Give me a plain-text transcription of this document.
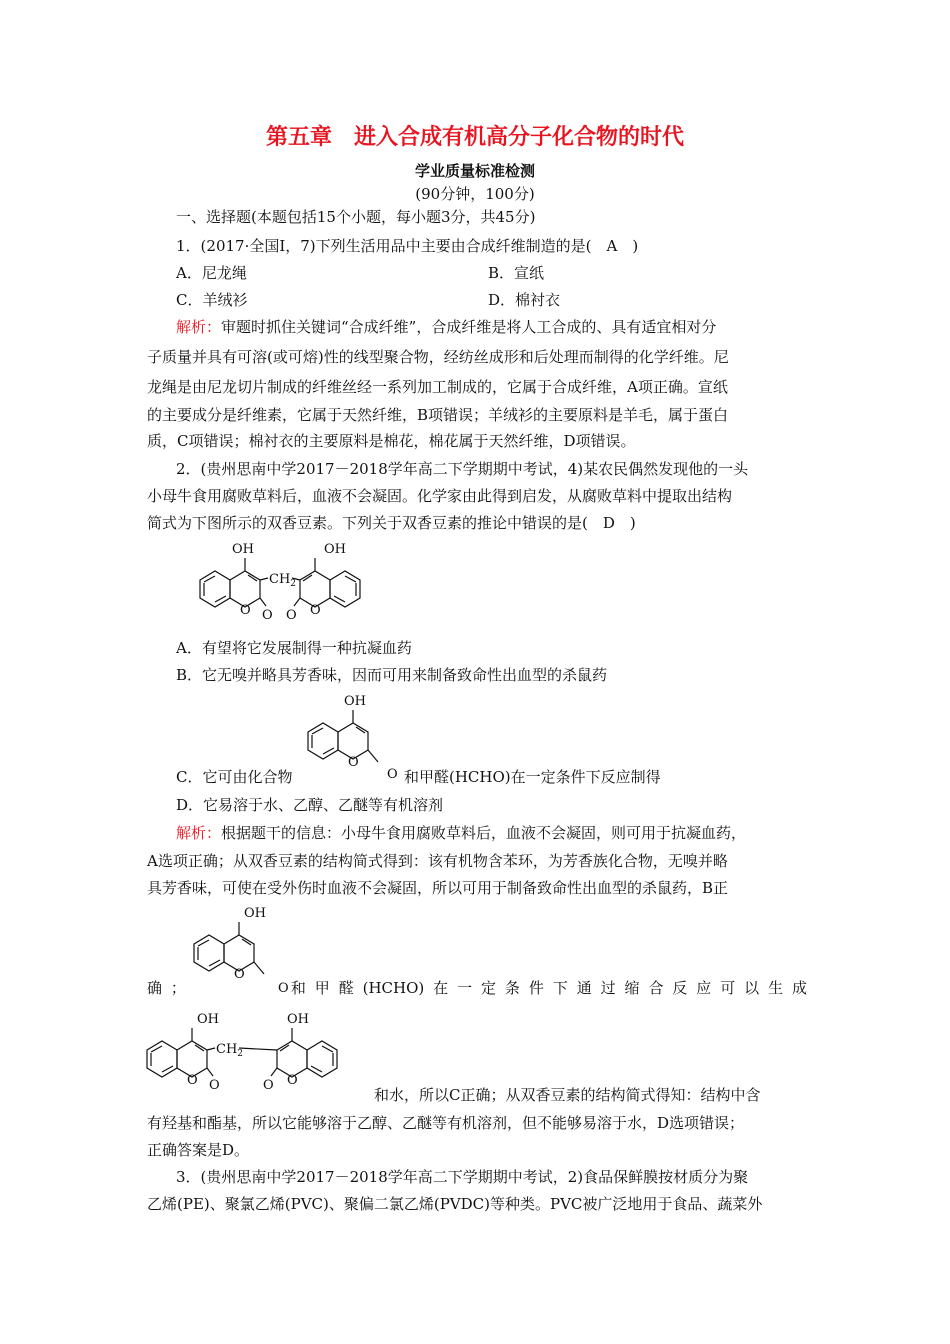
第五章　进入合成有机高分子化合物的时代
学业质量标准检测
(90分钟，100分)
一、选择题(本题包括15个小题，每小题3分，共45分)
1．(2017·全国Ⅰ，7)下列生活用品中主要由合成纤维制造的是(　A　)
A．尼龙绳	B．宣纸
C．羊绒衫	D．棉衬衣
解析：审题时抓住关键词“合成纤维”，合成纤维是将人工合成的、具有适宜相对分
子质量并具有可溶(或可熔)性的线型聚合物，经纺丝成形和后处理而制得的化学纤维。尼
龙绳是由尼龙切片制成的纤维丝经一系列加工制成的，它属于合成纤维，A项正确。宣纸
的主要成分是纤维素，它属于天然纤维，B项错误；羊绒衫的主要原料是羊毛，属于蛋白
质，C项错误；棉衬衣的主要原料是棉花，棉花属于天然纤维，D项错误。
2．(贵州思南中学2017－2018学年高二下学期期中考试，4)某农民偶然发现他的一头
小母牛食用腐败草料后，血液不会凝固。化学家由此得到启发，从腐败草料中提取出结构
简式为下图所示的双香豆素。下列关于双香豆素的推论中错误的是(　D　)
OH
O O
$CH_2$
OH
O
O
A．有望将它发展制得一种抗凝血药
B．它无嗅并略具芳香味，因而可用来制备致命性出血型的杀鼠药
OH
O
O
C．它可由化合物	和甲醛(HCHO)在一定条件下反应制得
D．它易溶于水、乙醇、乙醚等有机溶剂
解析：根据题干的信息：小母牛食用腐败草料后，血液不会凝固，则可用于抗凝血药，
A选项正确；从双香豆素的结构简式得到：该有机物含苯环，为芳香族化合物，无嗅并略
具芳香味，可使在受外伤时血液不会凝固，所以可用于制备致命性出血型的杀鼠药，B正
OH
O
O
确 ；	和 甲 醛 (HCHO) 在 一 定 条 件 下 通 过 缩 合 反 应 可 以 生 成
OH
O O
$CH_2$
OH
O
O
和水，所以C正确；从双香豆素的结构简式得知：结构中含
有羟基和酯基，所以它能够溶于乙醇、乙醚等有机溶剂，但不能够易溶于水，D选项错误；
正确答案是D。
3．(贵州思南中学2017－2018学年高二下学期期中考试，2)食品保鲜膜按材质分为聚
乙烯(PE)、聚氯乙烯(PVC)、聚偏二氯乙烯(PVDC)等种类。PVC被广泛地用于食品、蔬菜外
